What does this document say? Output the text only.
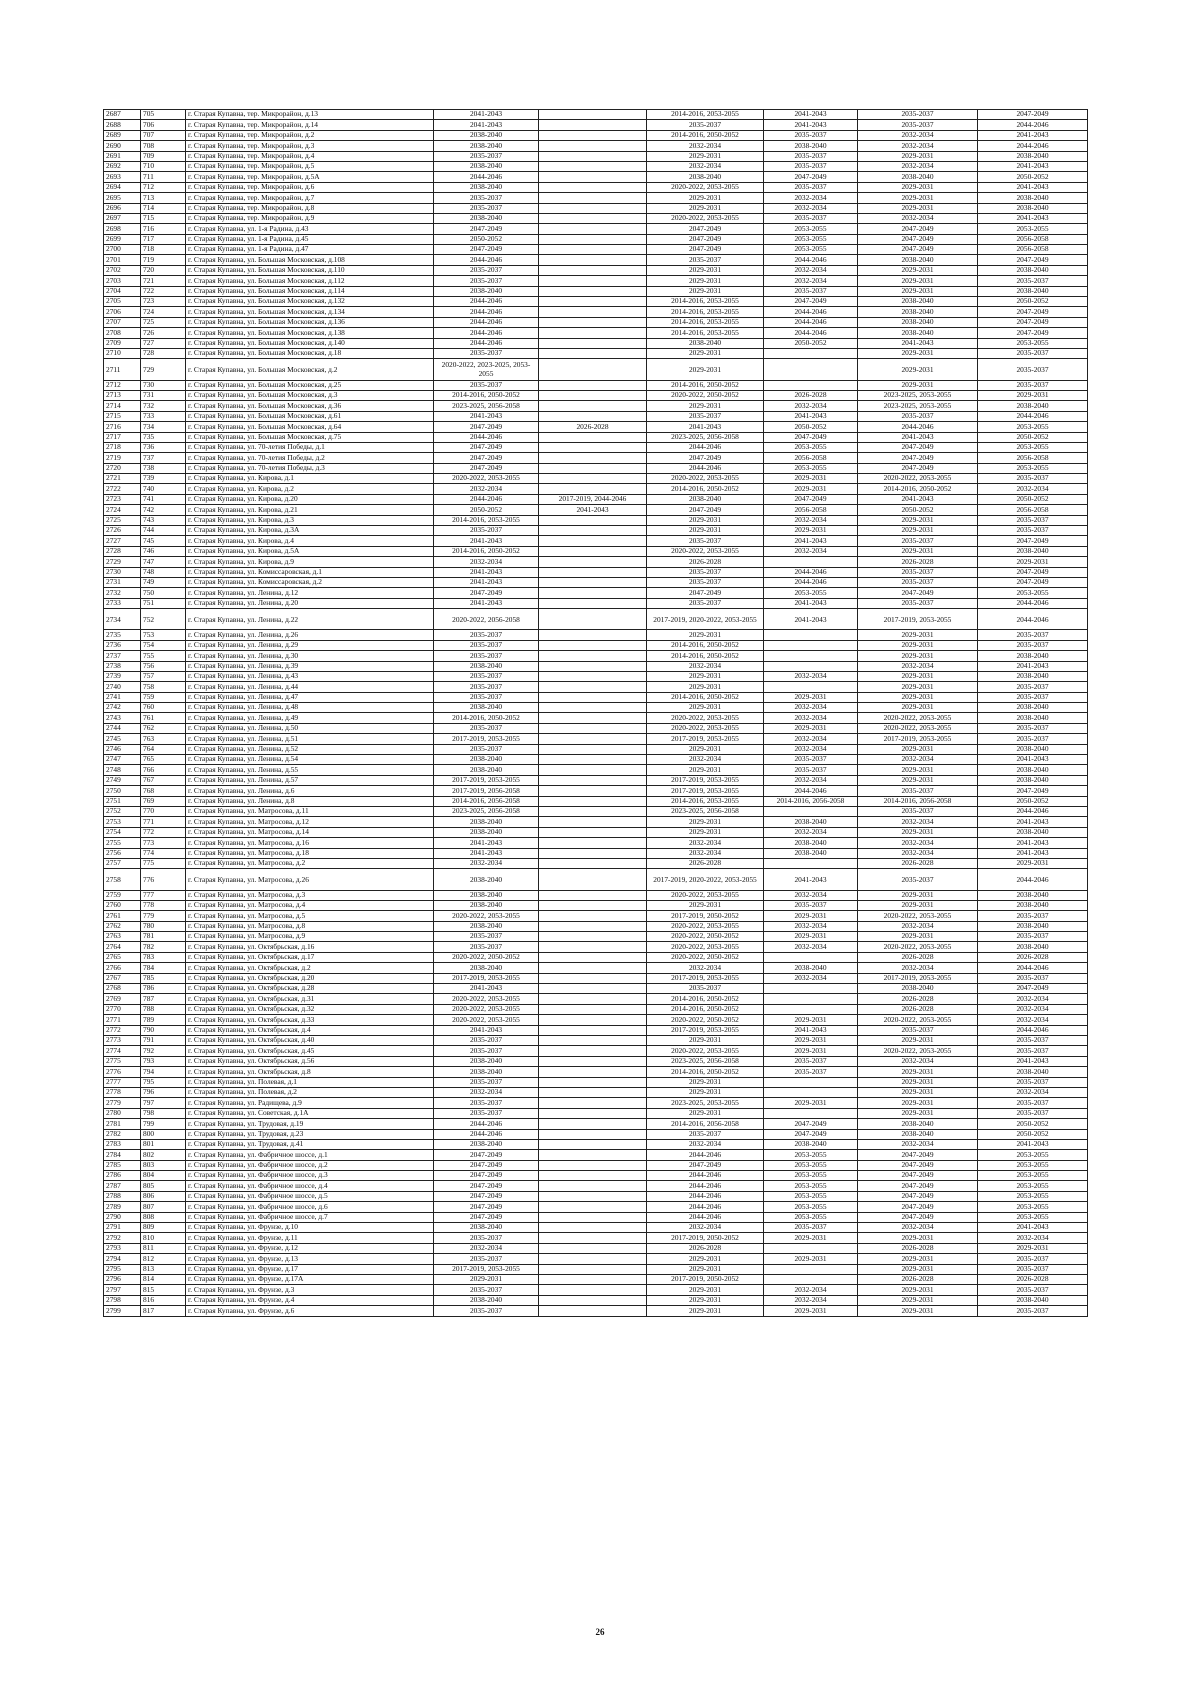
2687	705	г. Старая Купавна, тер. Микрорайон, д.13	2041-2043		2014-2016, 2053-2055	2041-2043	2035-2037	2047-2049
2688	706	г. Старая Купавна, тер. Микрорайон, д.14	2041-2043		2035-2037	2041-2043	2035-2037	2044-2046
2689	707	г. Старая Купавна, тер. Микрорайон, д.2	2038-2040		2014-2016, 2050-2052	2035-2037	2032-2034	2041-2043
2690	708	г. Старая Купавна, тер. Микрорайон, д.3	2038-2040		2032-2034	2038-2040	2032-2034	2044-2046
2691	709	г. Старая Купавна, тер. Микрорайон, д.4	2035-2037		2029-2031	2035-2037	2029-2031	2038-2040
2692	710	г. Старая Купавна, тер. Микрорайон, д.5	2038-2040		2032-2034	2035-2037	2032-2034	2041-2043
2693	711	г. Старая Купавна, тер. Микрорайон, д.5А	2044-2046		2038-2040	2047-2049	2038-2040	2050-2052
2694	712	г. Старая Купавна, тер. Микрорайон, д.6	2038-2040		2020-2022, 2053-2055	2035-2037	2029-2031	2041-2043
2695	713	г. Старая Купавна, тер. Микрорайон, д.7	2035-2037		2029-2031	2032-2034	2029-2031	2038-2040
2696	714	г. Старая Купавна, тер. Микрорайон, д.8	2035-2037		2029-2031	2032-2034	2029-2031	2038-2040
2697	715	г. Старая Купавна, тер. Микрорайон, д.9	2038-2040		2020-2022, 2053-2055	2035-2037	2032-2034	2041-2043
2698	716	г. Старая Купавна, ул. 1-я Радина, д.43	2047-2049		2047-2049	2053-2055	2047-2049	2053-2055
2699	717	г. Старая Купавна, ул. 1-я Радина, д.45	2050-2052		2047-2049	2053-2055	2047-2049	2056-2058
2700	718	г. Старая Купавна, ул. 1-я Радина, д.47	2047-2049		2047-2049	2053-2055	2047-2049	2056-2058
2701	719	г. Старая Купавна, ул. Большая Московская, д.108	2044-2046		2035-2037	2044-2046	2038-2040	2047-2049
2702	720	г. Старая Купавна, ул. Большая Московская, д.110	2035-2037		2029-2031	2032-2034	2029-2031	2038-2040
2703	721	г. Старая Купавна, ул. Большая Московская, д.112	2035-2037		2029-2031	2032-2034	2029-2031	2035-2037
2704	722	г. Старая Купавна, ул. Большая Московская, д.114	2038-2040		2029-2031	2035-2037	2029-2031	2038-2040
2705	723	г. Старая Купавна, ул. Большая Московская, д.132	2044-2046		2014-2016, 2053-2055	2047-2049	2038-2040	2050-2052
2706	724	г. Старая Купавна, ул. Большая Московская, д.134	2044-2046		2014-2016, 2053-2055	2044-2046	2038-2040	2047-2049
2707	725	г. Старая Купавна, ул. Большая Московская, д.136	2044-2046		2014-2016, 2053-2055	2044-2046	2038-2040	2047-2049
2708	726	г. Старая Купавна, ул. Большая Московская, д.138	2044-2046		2014-2016, 2053-2055	2044-2046	2038-2040	2047-2049
2709	727	г. Старая Купавна, ул. Большая Московская, д.140	2044-2046		2038-2040	2050-2052	2041-2043	2053-2055
2710	728	г. Старая Купавна, ул. Большая Московская, д.18	2035-2037		2029-2031		2029-2031	2035-2037
2711	729	г. Старая Купавна, ул. Большая Московская, д.2	2020-2022, 2023-2025, 2053-2055		2029-2031		2029-2031	2035-2037
2712	730	г. Старая Купавна, ул. Большая Московская, д.25	2035-2037		2014-2016, 2050-2052		2029-2031	2035-2037
2713	731	г. Старая Купавна, ул. Большая Московская, д.3	2014-2016, 2050-2052		2020-2022, 2050-2052	2026-2028	2023-2025, 2053-2055	2029-2031
2714	732	г. Старая Купавна, ул. Большая Московская, д.36	2023-2025, 2056-2058		2029-2031	2032-2034	2023-2025, 2053-2055	2038-2040
2715	733	г. Старая Купавна, ул. Большая Московская, д.61	2041-2043		2035-2037	2041-2043	2035-2037	2044-2046
2716	734	г. Старая Купавна, ул. Большая Московская, д.64	2047-2049	2026-2028	2041-2043	2050-2052	2044-2046	2053-2055
2717	735	г. Старая Купавна, ул. Большая Московская, д.75	2044-2046		2023-2025, 2056-2058	2047-2049	2041-2043	2050-2052
2718	736	г. Старая Купавна, ул. 70-летия Победы, д.1	2047-2049		2044-2046	2053-2055	2047-2049	2053-2055
2719	737	г. Старая Купавна, ул. 70-летия Победы, д.2	2047-2049		2047-2049	2056-2058	2047-2049	2056-2058
2720	738	г. Старая Купавна, ул. 70-летия Победы, д.3	2047-2049		2044-2046	2053-2055	2047-2049	2053-2055
2721	739	г. Старая Купавна, ул. Кирова, д.1	2020-2022, 2053-2055		2020-2022, 2053-2055	2029-2031	2020-2022, 2053-2055	2035-2037
2722	740	г. Старая Купавна, ул. Кирова, д.2	2032-2034		2014-2016, 2050-2052	2029-2031	2014-2016, 2050-2052	2032-2034
2723	741	г. Старая Купавна, ул. Кирова, д.20	2044-2046	2017-2019, 2044-2046	2038-2040	2047-2049	2041-2043	2050-2052
2724	742	г. Старая Купавна, ул. Кирова, д.21	2050-2052	2041-2043	2047-2049	2056-2058	2050-2052	2056-2058
2725	743	г. Старая Купавна, ул. Кирова, д.3	2014-2016, 2053-2055		2029-2031	2032-2034	2029-2031	2035-2037
2726	744	г. Старая Купавна, ул. Кирова, д.3А	2035-2037		2029-2031	2029-2031	2029-2031	2035-2037
2727	745	г. Старая Купавна, ул. Кирова, д.4	2041-2043		2035-2037	2041-2043	2035-2037	2047-2049
2728	746	г. Старая Купавна, ул. Кирова, д.5А	2014-2016, 2050-2052		2020-2022, 2053-2055	2032-2034	2029-2031	2038-2040
2729	747	г. Старая Купавна, ул. Кирова, д.9	2032-2034		2026-2028		2026-2028	2029-2031
2730	748	г. Старая Купавна, ул. Комиссаровская, д.1	2041-2043		2035-2037	2044-2046	2035-2037	2047-2049
2731	749	г. Старая Купавна, ул. Комиссаровская, д.2	2041-2043		2035-2037	2044-2046	2035-2037	2047-2049
2732	750	г. Старая Купавна, ул. Ленина, д.12	2047-2049		2047-2049	2053-2055	2047-2049	2053-2055
2733	751	г. Старая Купавна, ул. Ленина, д.20	2041-2043		2035-2037	2041-2043	2035-2037	2044-2046
2734	752	г. Старая Купавна, ул. Ленина, д.22	2020-2022, 2056-2058		2017-2019, 2020-2022, 2053-2055	2041-2043	2017-2019, 2053-2055	2044-2046
2735	753	г. Старая Купавна, ул. Ленина, д.26	2035-2037		2029-2031		2029-2031	2035-2037
2736	754	г. Старая Купавна, ул. Ленина, д.29	2035-2037		2014-2016, 2050-2052		2029-2031	2035-2037
2737	755	г. Старая Купавна, ул. Ленина, д.30	2035-2037		2014-2016, 2050-2052		2029-2031	2038-2040
2738	756	г. Старая Купавна, ул. Ленина, д.39	2038-2040		2032-2034		2032-2034	2041-2043
2739	757	г. Старая Купавна, ул. Ленина, д.43	2035-2037		2029-2031	2032-2034	2029-2031	2038-2040
2740	758	г. Старая Купавна, ул. Ленина, д.44	2035-2037		2029-2031		2029-2031	2035-2037
2741	759	г. Старая Купавна, ул. Ленина, д.47	2035-2037		2014-2016, 2050-2052	2029-2031	2029-2031	2035-2037
2742	760	г. Старая Купавна, ул. Ленина, д.48	2038-2040		2029-2031	2032-2034	2029-2031	2038-2040
2743	761	г. Старая Купавна, ул. Ленина, д.49	2014-2016, 2050-2052		2020-2022, 2053-2055	2032-2034	2020-2022, 2053-2055	2038-2040
2744	762	г. Старая Купавна, ул. Ленина, д.50	2035-2037		2020-2022, 2053-2055	2029-2031	2020-2022, 2053-2055	2035-2037
2745	763	г. Старая Купавна, ул. Ленина, д.51	2017-2019, 2053-2055		2017-2019, 2053-2055	2032-2034	2017-2019, 2053-2055	2035-2037
2746	764	г. Старая Купавна, ул. Ленина, д.52	2035-2037		2029-2031	2032-2034	2029-2031	2038-2040
2747	765	г. Старая Купавна, ул. Ленина, д.54	2038-2040		2032-2034	2035-2037	2032-2034	2041-2043
2748	766	г. Старая Купавна, ул. Ленина, д.55	2038-2040		2029-2031	2035-2037	2029-2031	2038-2040
2749	767	г. Старая Купавна, ул. Ленина, д.57	2017-2019, 2053-2055		2017-2019, 2053-2055	2032-2034	2029-2031	2038-2040
2750	768	г. Старая Купавна, ул. Ленина, д.6	2017-2019, 2056-2058		2017-2019, 2053-2055	2044-2046	2035-2037	2047-2049
2751	769	г. Старая Купавна, ул. Ленина, д.8	2014-2016, 2056-2058		2014-2016, 2053-2055	2014-2016, 2056-2058	2014-2016, 2056-2058	2050-2052
2752	770	г. Старая Купавна, ул. Матросова, д.11	2023-2025, 2056-2058		2023-2025, 2056-2058		2035-2037	2044-2046
2753	771	г. Старая Купавна, ул. Матросова, д.12	2038-2040		2029-2031	2038-2040	2032-2034	2041-2043
2754	772	г. Старая Купавна, ул. Матросова, д.14	2038-2040		2029-2031	2032-2034	2029-2031	2038-2040
2755	773	г. Старая Купавна, ул. Матросова, д.16	2041-2043		2032-2034	2038-2040	2032-2034	2041-2043
2756	774	г. Старая Купавна, ул. Матросова, д.18	2041-2043		2032-2034	2038-2040	2032-2034	2041-2043
2757	775	г. Старая Купавна, ул. Матросова, д.2	2032-2034		2026-2028		2026-2028	2029-2031
2758	776	г. Старая Купавна, ул. Матросова, д.26	2038-2040		2017-2019, 2020-2022, 2053-2055	2041-2043	2035-2037	2044-2046
2759	777	г. Старая Купавна, ул. Матросова, д.3	2038-2040		2020-2022, 2053-2055	2032-2034	2029-2031	2038-2040
2760	778	г. Старая Купавна, ул. Матросова, д.4	2038-2040		2029-2031	2035-2037	2029-2031	2038-2040
2761	779	г. Старая Купавна, ул. Матросова, д.5	2020-2022, 2053-2055		2017-2019, 2050-2052	2029-2031	2020-2022, 2053-2055	2035-2037
2762	780	г. Старая Купавна, ул. Матросова, д.8	2038-2040		2020-2022, 2053-2055	2032-2034	2032-2034	2038-2040
2763	781	г. Старая Купавна, ул. Матросова, д.9	2035-2037		2020-2022, 2050-2052	2029-2031	2029-2031	2035-2037
2764	782	г. Старая Купавна, ул. Октябрьская, д.16	2035-2037		2020-2022, 2053-2055	2032-2034	2020-2022, 2053-2055	2038-2040
2765	783	г. Старая Купавна, ул. Октябрьская, д.17	2020-2022, 2050-2052		2020-2022, 2050-2052		2026-2028	2026-2028
2766	784	г. Старая Купавна, ул. Октябрьская, д.2	2038-2040		2032-2034	2038-2040	2032-2034	2044-2046
2767	785	г. Старая Купавна, ул. Октябрьская, д.20	2017-2019, 2053-2055		2017-2019, 2053-2055	2032-2034	2017-2019, 2053-2055	2035-2037
2768	786	г. Старая Купавна, ул. Октябрьская, д.28	2041-2043		2035-2037		2038-2040	2047-2049
2769	787	г. Старая Купавна, ул. Октябрьская, д.31	2020-2022, 2053-2055		2014-2016, 2050-2052		2026-2028	2032-2034
2770	788	г. Старая Купавна, ул. Октябрьская, д.32	2020-2022, 2053-2055		2014-2016, 2050-2052		2026-2028	2032-2034
2771	789	г. Старая Купавна, ул. Октябрьская, д.33	2020-2022, 2053-2055		2020-2022, 2050-2052	2029-2031	2020-2022, 2053-2055	2032-2034
2772	790	г. Старая Купавна, ул. Октябрьская, д.4	2041-2043		2017-2019, 2053-2055	2041-2043	2035-2037	2044-2046
2773	791	г. Старая Купавна, ул. Октябрьская, д.40	2035-2037		2029-2031	2029-2031	2029-2031	2035-2037
2774	792	г. Старая Купавна, ул. Октябрьская, д.45	2035-2037		2020-2022, 2053-2055	2029-2031	2020-2022, 2053-2055	2035-2037
2775	793	г. Старая Купавна, ул. Октябрьская, д.56	2038-2040		2023-2025, 2056-2058	2035-2037	2032-2034	2041-2043
2776	794	г. Старая Купавна, ул. Октябрьская, д.8	2038-2040		2014-2016, 2050-2052	2035-2037	2029-2031	2038-2040
2777	795	г. Старая Купавна, ул. Полевая, д.1	2035-2037		2029-2031		2029-2031	2035-2037
2778	796	г. Старая Купавна, ул. Полевая, д.2	2032-2034		2029-2031		2029-2031	2032-2034
2779	797	г. Старая Купавна, ул. Радищева, д.9	2035-2037		2023-2025, 2053-2055	2029-2031	2029-2031	2035-2037
2780	798	г. Старая Купавна, ул. Советская, д.1А	2035-2037		2029-2031		2029-2031	2035-2037
2781	799	г. Старая Купавна, ул. Трудовая, д.19	2044-2046		2014-2016, 2056-2058	2047-2049	2038-2040	2050-2052
2782	800	г. Старая Купавна, ул. Трудовая, д.23	2044-2046		2035-2037	2047-2049	2038-2040	2050-2052
2783	801	г. Старая Купавна, ул. Трудовая, д.41	2038-2040		2032-2034	2038-2040	2032-2034	2041-2043
2784	802	г. Старая Купавна, ул. Фабричное шоссе, д.1	2047-2049		2044-2046	2053-2055	2047-2049	2053-2055
2785	803	г. Старая Купавна, ул. Фабричное шоссе, д.2	2047-2049		2047-2049	2053-2055	2047-2049	2053-2055
2786	804	г. Старая Купавна, ул. Фабричное шоссе, д.3	2047-2049		2044-2046	2053-2055	2047-2049	2053-2055
2787	805	г. Старая Купавна, ул. Фабричное шоссе, д.4	2047-2049		2044-2046	2053-2055	2047-2049	2053-2055
2788	806	г. Старая Купавна, ул. Фабричное шоссе, д.5	2047-2049		2044-2046	2053-2055	2047-2049	2053-2055
2789	807	г. Старая Купавна, ул. Фабричное шоссе, д.6	2047-2049		2044-2046	2053-2055	2047-2049	2053-2055
2790	808	г. Старая Купавна, ул. Фабричное шоссе, д.7	2047-2049		2044-2046	2053-2055	2047-2049	2053-2055
2791	809	г. Старая Купавна, ул. Фрунзе, д.10	2038-2040		2032-2034	2035-2037	2032-2034	2041-2043
2792	810	г. Старая Купавна, ул. Фрунзе, д.11	2035-2037		2017-2019, 2050-2052	2029-2031	2029-2031	2032-2034
2793	811	г. Старая Купавна, ул. Фрунзе, д.12	2032-2034		2026-2028		2026-2028	2029-2031
2794	812	г. Старая Купавна, ул. Фрунзе, д.13	2035-2037		2029-2031	2029-2031	2029-2031	2035-2037
2795	813	г. Старая Купавна, ул. Фрунзе, д.17	2017-2019, 2053-2055		2029-2031		2029-2031	2035-2037
2796	814	г. Старая Купавна, ул. Фрунзе, д.17А	2029-2031		2017-2019, 2050-2052		2026-2028	2026-2028
2797	815	г. Старая Купавна, ул. Фрунзе, д.3	2035-2037		2029-2031	2032-2034	2029-2031	2035-2037
2798	816	г. Старая Купавна, ул. Фрунзе, д.4	2038-2040		2029-2031	2032-2034	2029-2031	2038-2040
2799	817	г. Старая Купавна, ул. Фрунзе, д.6	2035-2037		2029-2031	2029-2031	2029-2031	2035-2037
26
